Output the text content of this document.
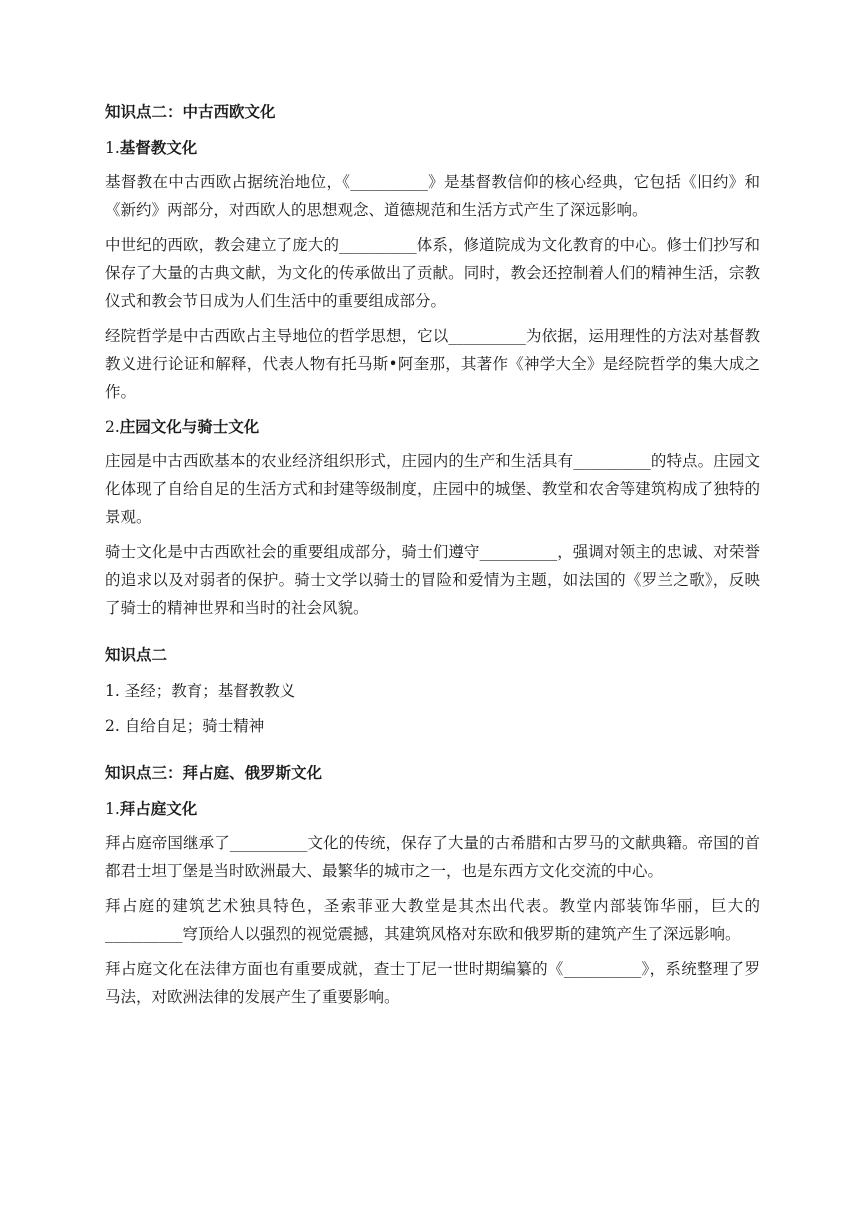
知识点二：中古西欧文化
1.基督教文化

基督教在中古西欧占据统治地位，《__________》是基督教信仰的核心经典，它包括《旧约》和《新约》两部分，对西欧人的思想观念、道德规范和生活方式产生了深远影响。

中世纪的西欧，教会建立了庞大的__________体系，修道院成为文化教育的中心。修士们抄写和保存了大量的古典文献，为文化的传承做出了贡献。同时，教会还控制着人们的精神生活，宗教仪式和教会节日成为人们生活中的重要组成部分。

经院哲学是中古西欧占主导地位的哲学思想，它以__________为依据，运用理性的方法对基督教教义进行论证和解释，代表人物有托马斯•阿奎那，其著作《神学大全》是经院哲学的集大成之作。

2.庄园文化与骑士文化

庄园是中古西欧基本的农业经济组织形式，庄园内的生产和生活具有__________的特点。庄园文化体现了自给自足的生活方式和封建等级制度，庄园中的城堡、教堂和农舍等建筑构成了独特的景观。

骑士文化是中古西欧社会的重要组成部分，骑士们遵守__________，强调对领主的忠诚、对荣誉的追求以及对弱者的保护。骑士文学以骑士的冒险和爱情为主题，如法国的《罗兰之歌》，反映了骑士的精神世界和当时的社会风貌。

知识点二
1. 圣经；教育；基督教教义
2. 自给自足；骑士精神
知识点三：拜占庭、俄罗斯文化
1.拜占庭文化

拜占庭帝国继承了__________文化的传统，保存了大量的古希腊和古罗马的文献典籍。帝国的首都君士坦丁堡是当时欧洲最大、最繁华的城市之一，也是东西方文化交流的中心。

拜占庭的建筑艺术独具特色，圣索菲亚大教堂是其杰出代表。教堂内部装饰华丽，巨大的__________穹顶给人以强烈的视觉震撼，其建筑风格对东欧和俄罗斯的建筑产生了深远影响。

拜占庭文化在法律方面也有重要成就，查士丁尼一世时期编纂的《__________》，系统整理了罗马法，对欧洲法律的发展产生了重要影响。
